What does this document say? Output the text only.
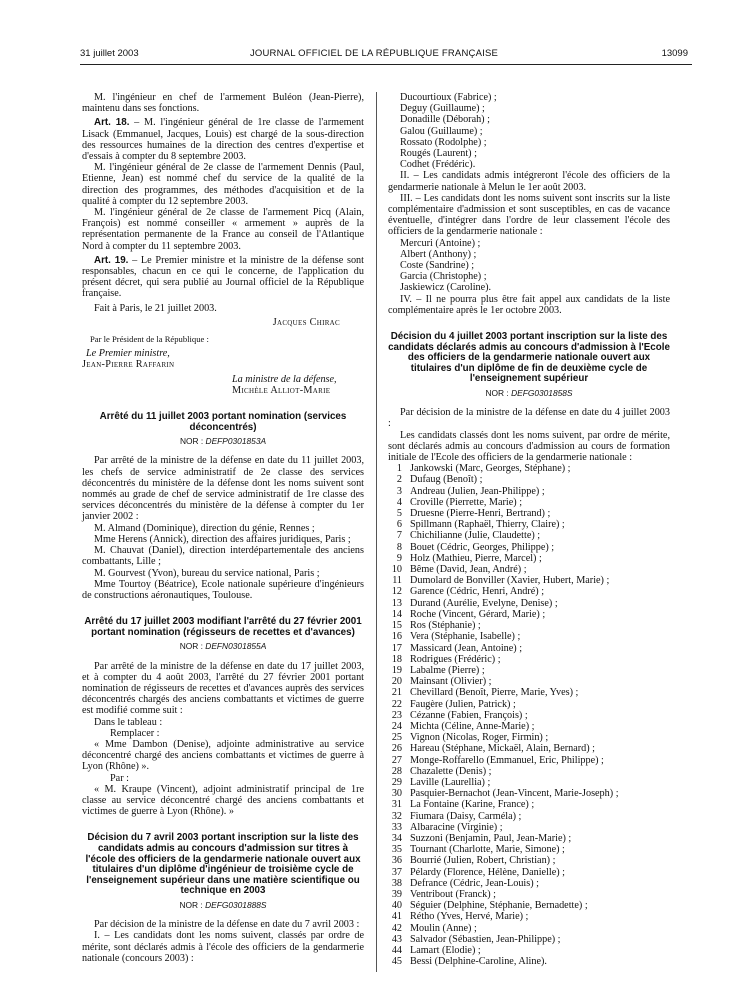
31 juillet 2003	JOURNAL OFFICIEL DE LA RÉPUBLIQUE FRANÇAISE	13099

M. l'ingénieur en chef de l'armement Buléon (Jean-Pierre), maintenu dans ses fonctions.

Art. 18. – M. l'ingénieur général de 1re classe de l'armement Lisack (Emmanuel, Jacques, Louis) est chargé de la sous-direction des ressources humaines de la direction des centres d'expertise et d'essais à compter du 8 septembre 2003.

M. l'ingénieur général de 2e classe de l'armement Dennis (Paul, Etienne, Jean) est nommé chef du service de la qualité de la direction des programmes, des méthodes d'acquisition et de la qualité à compter du 12 septembre 2003.

M. l'ingénieur général de 2e classe de l'armement Picq (Alain, François) est nommé conseiller « armement » auprès de la représentation permanente de la France au conseil de l'Atlantique Nord à compter du 11 septembre 2003.

Art. 19. – Le Premier ministre et la ministre de la défense sont responsables, chacun en ce qui le concerne, de l'application du présent décret, qui sera publié au Journal officiel de la République française.

Fait à Paris, le 21 juillet 2003.

Jacques Chirac

Par le Président de la République :

Le Premier ministre,

Jean-Pierre Raffarin

La ministre de la défense,

Michèle Alliot-Marie

Arrêté du 11 juillet 2003 portant nomination (services déconcentrés)
NOR : DEFP0301853A

Par arrêté de la ministre de la défense en date du 11 juillet 2003, les chefs de service administratif de 2e classe des services déconcentrés du ministère de la défense dont les noms suivent sont nommés au grade de chef de service administratif de 1re classe des services déconcentrés du ministère de la défense à compter du 1er janvier 2002 :

M. Almand (Dominique), direction du génie, Rennes ;

Mme Herens (Annick), direction des affaires juridiques, Paris ;

M. Chauvat (Daniel), direction interdépartementale des anciens combattants, Lille ;

M. Gourvest (Yvon), bureau du service national, Paris ;

Mme Tourtoy (Béatrice), Ecole nationale supérieure d'ingénieurs de constructions aéronautiques, Toulouse.

Arrêté du 17 juillet 2003 modifiant l'arrêté du 27 février 2001 portant nomination (régisseurs de recettes et d'avances)
NOR : DEFN0301855A

Par arrêté de la ministre de la défense en date du 17 juillet 2003, et à compter du 4 août 2003, l'arrêté du 27 février 2001 portant nomination de régisseurs de recettes et d'avances auprès des services déconcentrés chargés des anciens combattants et victimes de guerre est modifié comme suit :

Dans le tableau :

Remplacer :

« Mme Dambon (Denise), adjointe administrative au service déconcentré chargé des anciens combattants et victimes de guerre à Lyon (Rhône) ».

Par :

« M. Kraupe (Vincent), adjoint administratif principal de 1re classe au service déconcentré chargé des anciens combattants et victimes de guerre à Lyon (Rhône). »

Décision du 7 avril 2003 portant inscription sur la liste des candidats admis au concours d'admission sur titres à l'école des officiers de la gendarmerie nationale ouvert aux titulaires d'un diplôme d'ingénieur de troisième cycle de l'enseignement supérieur dans une matière scientifique ou technique en 2003
NOR : DEFG0301888S

Par décision de la ministre de la défense en date du 7 avril 2003 :

I. – Les candidats dont les noms suivent, classés par ordre de mérite, sont déclarés admis à l'école des officiers de la gendarmerie nationale (concours 2003) :

Ducourtioux (Fabrice) ;
Deguy (Guillaume) ;
Donadille (Déborah) ;
Galou (Guillaume) ;
Rossato (Rodolphe) ;
Rougés (Laurent) ;
Codhet (Frédéric).

II. – Les candidats admis intégreront l'école des officiers de la gendarmerie nationale à Melun le 1er août 2003.

III. – Les candidats dont les noms suivent sont inscrits sur la liste complémentaire d'admission et sont susceptibles, en cas de vacance éventuelle, d'intégrer dans l'ordre de leur classement l'école des officiers de la gendarmerie nationale :

Mercuri (Antoine) ;
Albert (Anthony) ;
Coste (Sandrine) ;
Garcia (Christophe) ;
Jaskiewicz (Caroline).

IV. – Il ne pourra plus être fait appel aux candidats de la liste complémentaire après le 1er octobre 2003.

Décision du 4 juillet 2003 portant inscription sur la liste des candidats déclarés admis au concours d'admission à l'Ecole des officiers de la gendarmerie nationale ouvert aux titulaires d'un diplôme de fin de deuxième cycle de l'enseignement supérieur
NOR : DEFG0301858S

Par décision de la ministre de la défense en date du 4 juillet 2003 :

Les candidats classés dont les noms suivent, par ordre de mérite, sont déclarés admis au concours d'admission au cours de formation initiale de l'Ecole des officiers de la gendarmerie nationale :

1 Jankowski (Marc, Georges, Stéphane) ;
2 Dufaug (Benoît) ;
3 Andreau (Julien, Jean-Philippe) ;
4 Croville (Pierrette, Marie) ;
5 Druesne (Pierre-Henri, Bertrand) ;
6 Spillmann (Raphaël, Thierry, Claire) ;
7 Chichilianne (Julie, Claudette) ;
8 Bouet (Cédric, Georges, Philippe) ;
9 Holz (Mathieu, Pierre, Marcel) ;
10 Bême (David, Jean, André) ;
11 Dumolard de Bonviller (Xavier, Hubert, Marie) ;
12 Garence (Cédric, Henri, André) ;
13 Durand (Aurélie, Evelyne, Denise) ;
14 Roche (Vincent, Gérard, Marie) ;
15 Ros (Stéphanie) ;
16 Vera (Stéphanie, Isabelle) ;
17 Massicard (Jean, Antoine) ;
18 Rodrigues (Frédéric) ;
19 Labalme (Pierre) ;
20 Mainsant (Olivier) ;
21 Chevillard (Benoît, Pierre, Marie, Yves) ;
22 Faugère (Julien, Patrick) ;
23 Cézanne (Fabien, François) ;
24 Michta (Céline, Anne-Marie) ;
25 Vignon (Nicolas, Roger, Firmin) ;
26 Hareau (Stéphane, Mickaël, Alain, Bernard) ;
27 Monge-Roffarello (Emmanuel, Eric, Philippe) ;
28 Chazalette (Denis) ;
29 Laville (Laurellia) ;
30 Pasquier-Bernachot (Jean-Vincent, Marie-Joseph) ;
31 La Fontaine (Karine, France) ;
32 Fiumara (Daisy, Carméla) ;
33 Albaracine (Virginie) ;
34 Suzzoni (Benjamin, Paul, Jean-Marie) ;
35 Tournant (Charlotte, Marie, Simone) ;
36 Bourrié (Julien, Robert, Christian) ;
37 Pélardy (Florence, Hélène, Danielle) ;
38 Defrance (Cédric, Jean-Louis) ;
39 Ventribout (Franck) ;
40 Séguier (Delphine, Stéphanie, Bernadette) ;
41 Rétho (Yves, Hervé, Marie) ;
42 Moulin (Anne) ;
43 Salvador (Sébastien, Jean-Philippe) ;
44 Lamart (Elodie) ;
45 Bessi (Delphine-Caroline, Aline).
